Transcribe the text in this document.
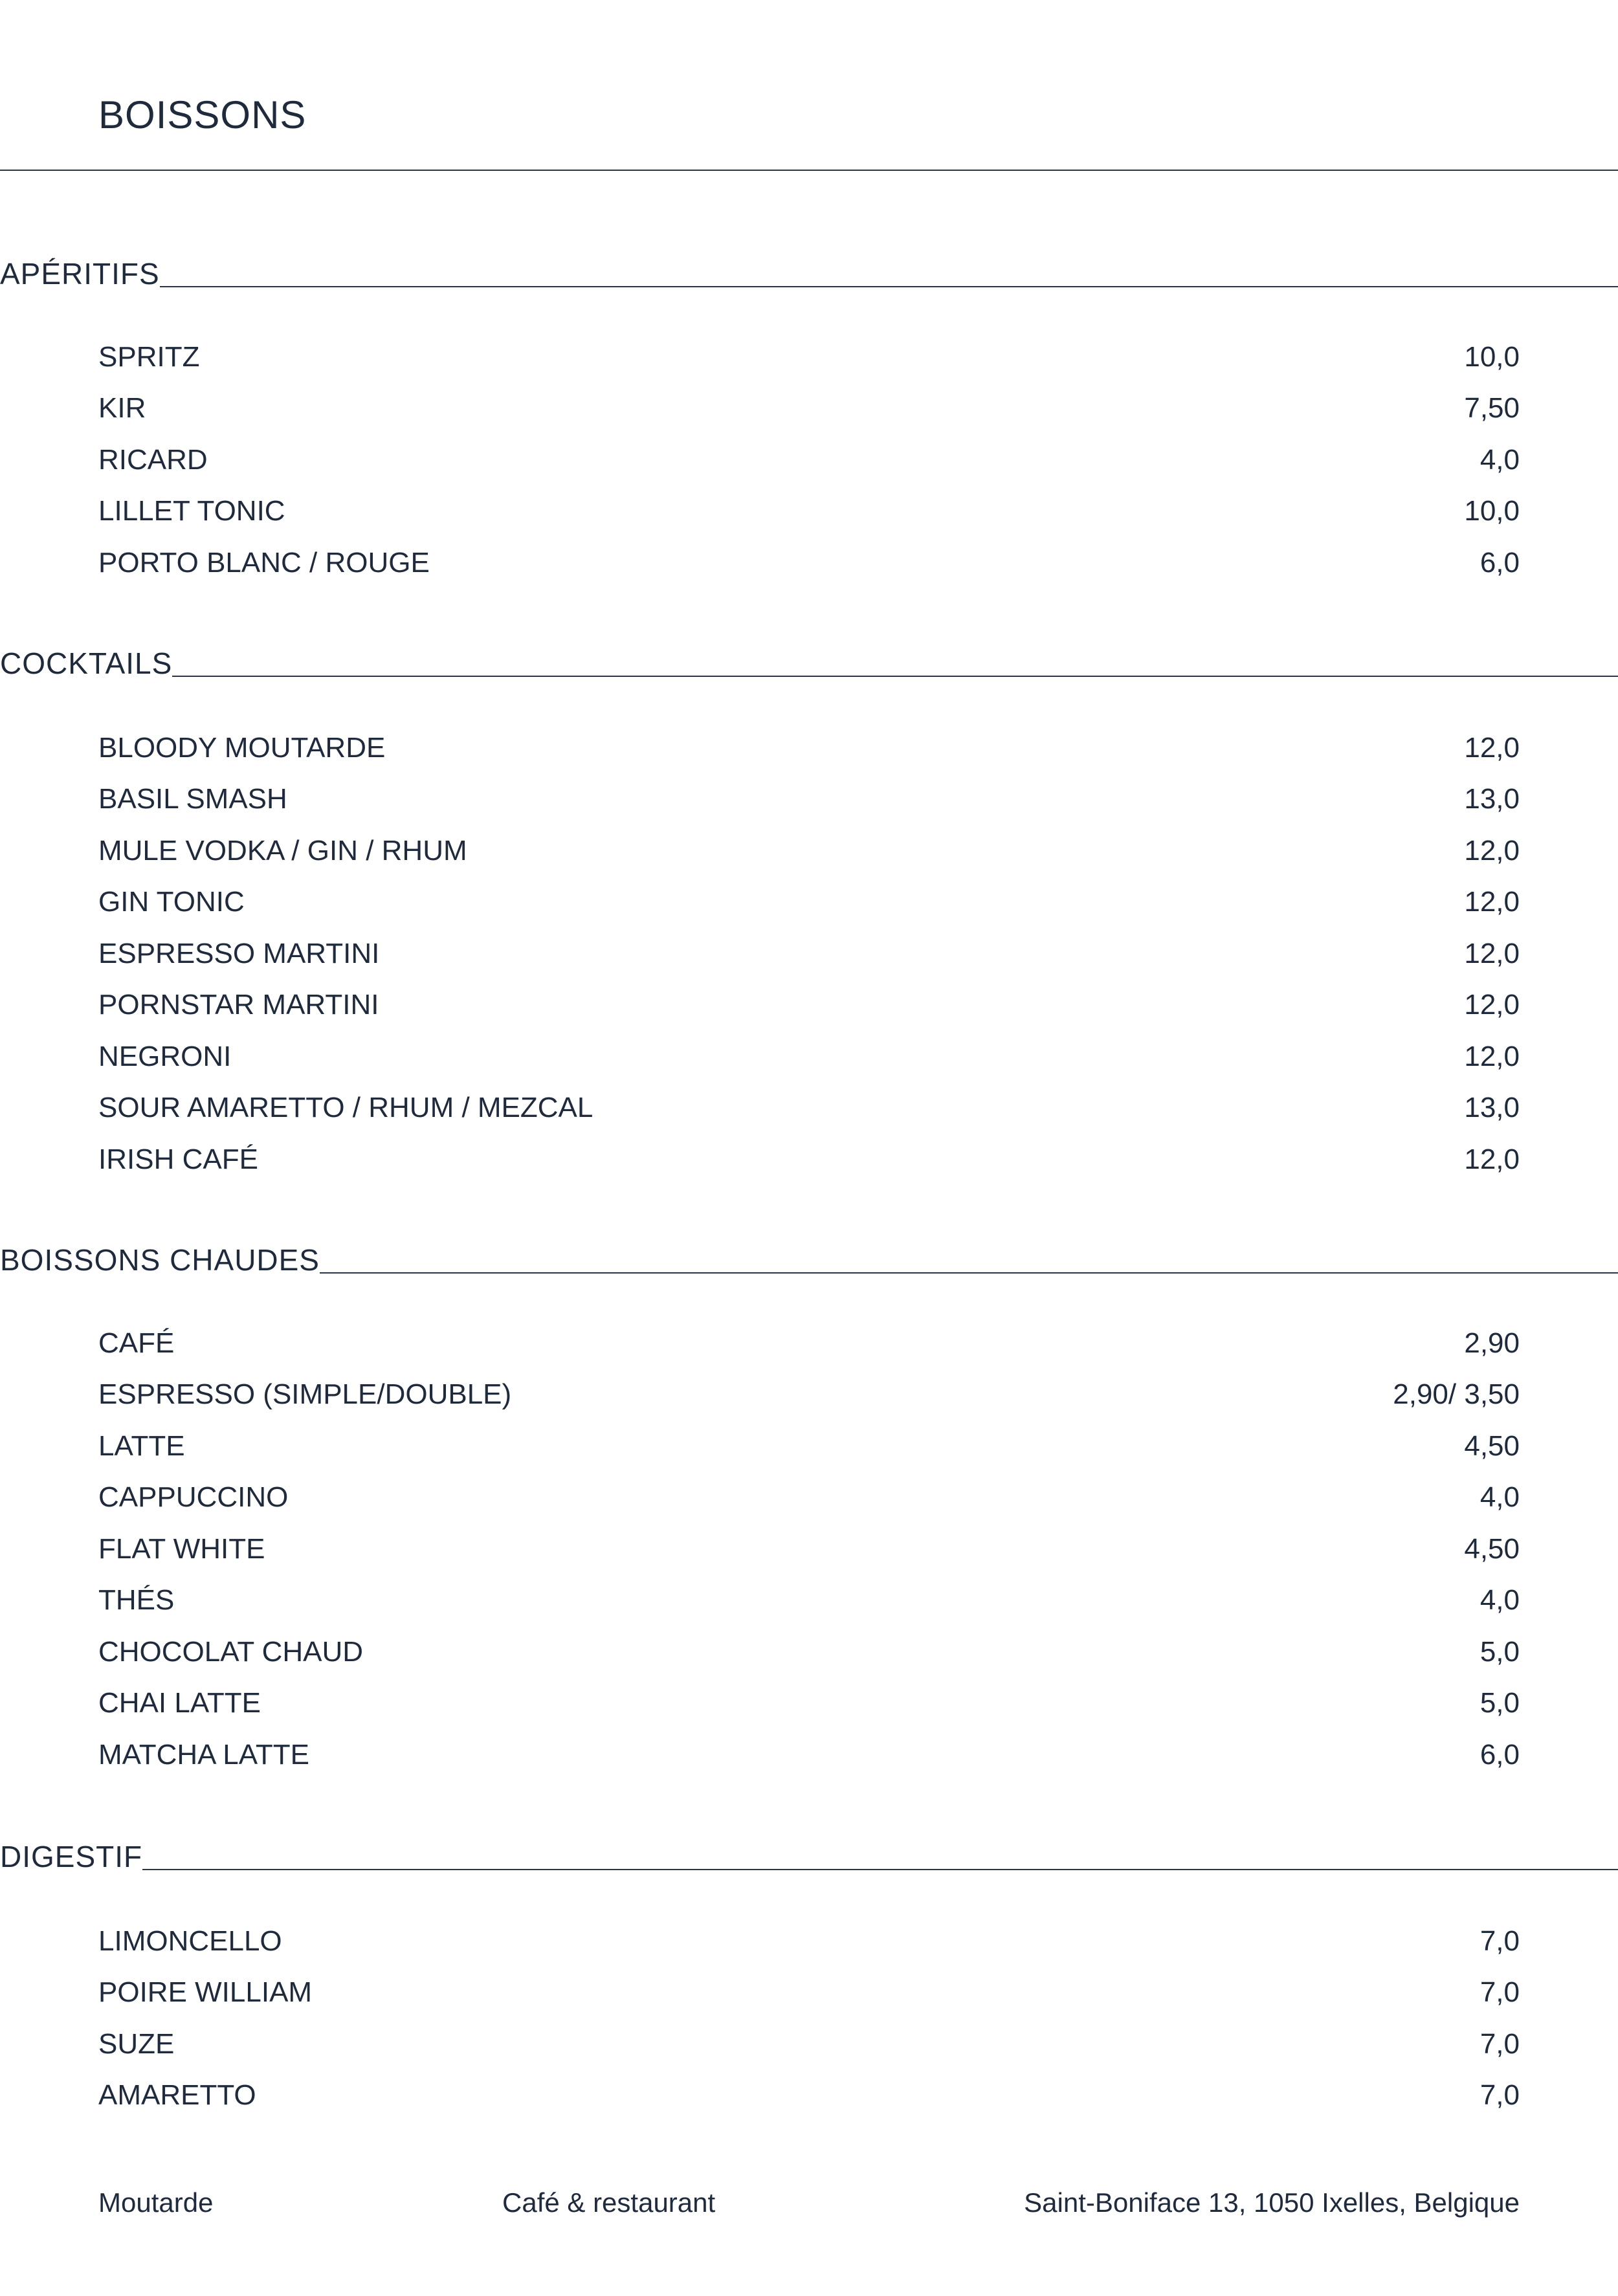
BOISSONS
APÉRITIFS
SPRITZ	10,0
KIR	7,50
RICARD	4,0
LILLET TONIC	10,0
PORTO BLANC / ROUGE	6,0
COCKTAILS
BLOODY MOUTARDE	12,0
BASIL SMASH	13,0
MULE VODKA / GIN / RHUM	12,0
GIN TONIC	12,0
ESPRESSO MARTINI	12,0
PORNSTAR MARTINI	12,0
NEGRONI	12,0
SOUR AMARETTO / RHUM / MEZCAL	13,0
IRISH CAFÉ	12,0
BOISSONS CHAUDES
CAFÉ	2,90
ESPRESSO (SIMPLE/DOUBLE)	2,90/ 3,50
LATTE	4,50
CAPPUCCINO	4,0
FLAT WHITE	4,50
THÉS	4,0
CHOCOLAT CHAUD	5,0
CHAI LATTE	5,0
MATCHA LATTE	6,0
DIGESTIF
LIMONCELLO	7,0
POIRE WILLIAM	7,0
SUZE	7,0
AMARETTO	7,0
Moutarde	Café & restaurant	Saint-Boniface 13, 1050 Ixelles, Belgique
